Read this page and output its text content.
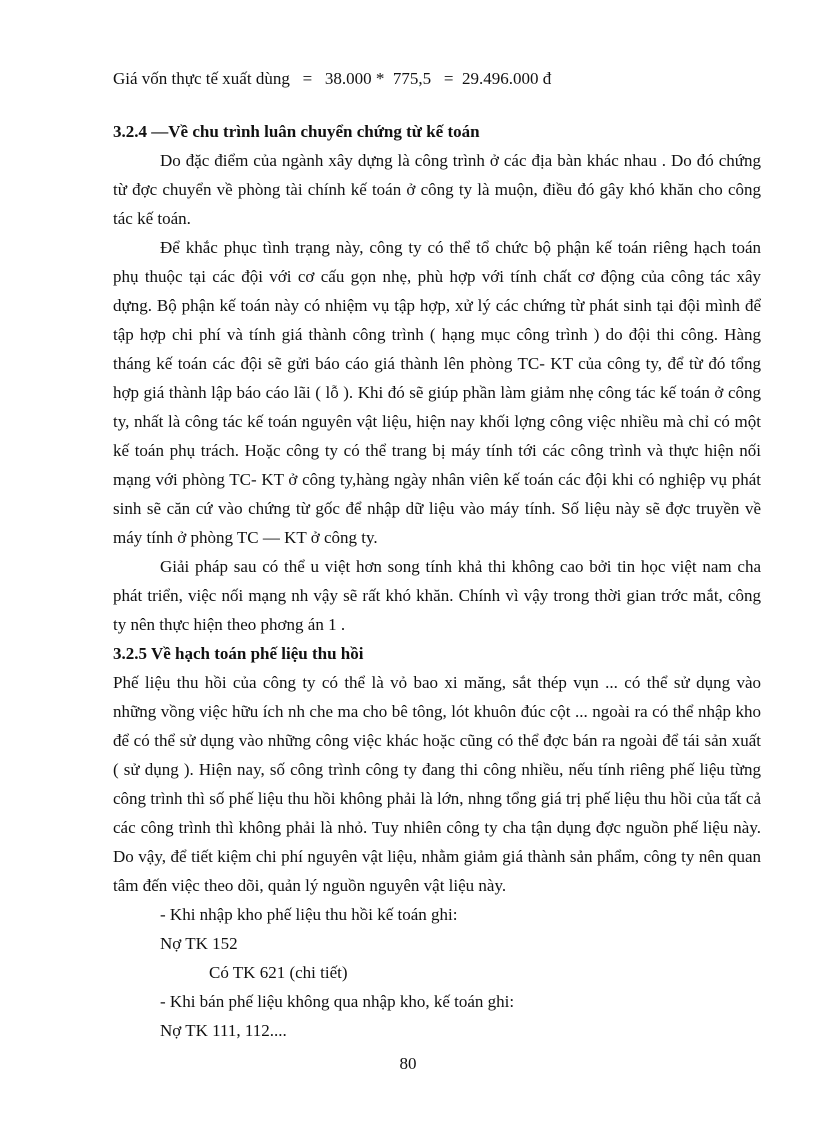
Giá vốn thực tế xuất dùng   =   38.000 *  775,5   =  29.496.000 đ

3.2.4 —Về chu trình luân chuyển chứng từ kế toán

Do đặc điểm của ngành xây dựng là công trình ở các địa bàn khác nhau . Do đó chứng từ đợc chuyển về phòng tài chính kế toán ở công ty là muộn, điều đó gây khó khăn cho công tác kế toán.

Để khắc phục tình trạng này, công ty có thể tổ chức bộ phận kế toán riêng hạch toán phụ thuộc tại các đội với cơ cấu gọn nhẹ, phù hợp với tính chất cơ động của công tác xây dựng. Bộ phận kế toán này có nhiệm vụ tập hợp, xử lý các chứng từ phát sinh tại đội mình để tập hợp chi phí và tính giá thành công trình ( hạng mục công trình ) do đội thi công. Hàng tháng kế toán các đội sẽ gửi báo cáo giá thành lên phòng TC- KT của công ty, để từ đó tổng hợp giá thành lập báo cáo lãi ( lỗ ). Khi đó sẽ giúp phần làm giảm nhẹ công tác kế toán ở công ty, nhất là công tác kế toán nguyên vật liệu, hiện nay khối lợng công việc nhiều mà chỉ có một kế toán phụ trách. Hoặc công ty có thể trang bị máy tính tới các công trình và thực hiện nối mạng với phòng TC- KT ở công ty,hàng ngày nhân viên kế toán các đội khi có nghiệp vụ phát sinh sẽ căn cứ vào chứng từ gốc để nhập dữ liệu vào máy tính. Số liệu này sẽ đợc truyền về máy tính ở phòng TC — KT ở công ty.

Giải pháp sau có thể u việt hơn song tính khả thi không cao bởi tin học việt nam cha phát triển, việc nối mạng nh vậy sẽ rất khó khăn. Chính vì vậy trong thời gian trớc mắt, công ty nên thực hiện theo phơng án 1 .

3.2.5 Về hạch toán phế liệu thu hồi

Phế liệu thu hồi của công ty có thể là vỏ bao xi măng, sắt thép vụn ... có thể sử dụng vào những vồng việc hữu ích nh che ma cho bê tông, lót khuôn đúc cột ... ngoài ra có thể nhập kho để có thể sử dụng vào những công việc khác hoặc cũng có thể đợc bán ra ngoài để tái sản xuất ( sử dụng ). Hiện nay, số công trình công ty đang thi công nhiều, nếu tính riêng phế liệu từng công trình thì số phế liệu thu hồi không phải là lớn, nhng tổng giá trị phế liệu thu hồi của tất cả các công trình thì không phải là nhỏ. Tuy nhiên công ty cha tận dụng đợc nguồn phế liệu này. Do vậy, để tiết kiệm chi phí nguyên vật liệu, nhằm giảm giá thành sản phẩm, công ty nên quan tâm đến việc theo dõi, quản lý nguồn nguyên vật liệu này.

- Khi nhập kho phế liệu thu hồi kế toán ghi:

Nợ TK 152

Có TK 621 (chi tiết)

- Khi bán phế liệu không qua nhập kho, kế toán ghi:

Nợ TK 111, 112....

80
